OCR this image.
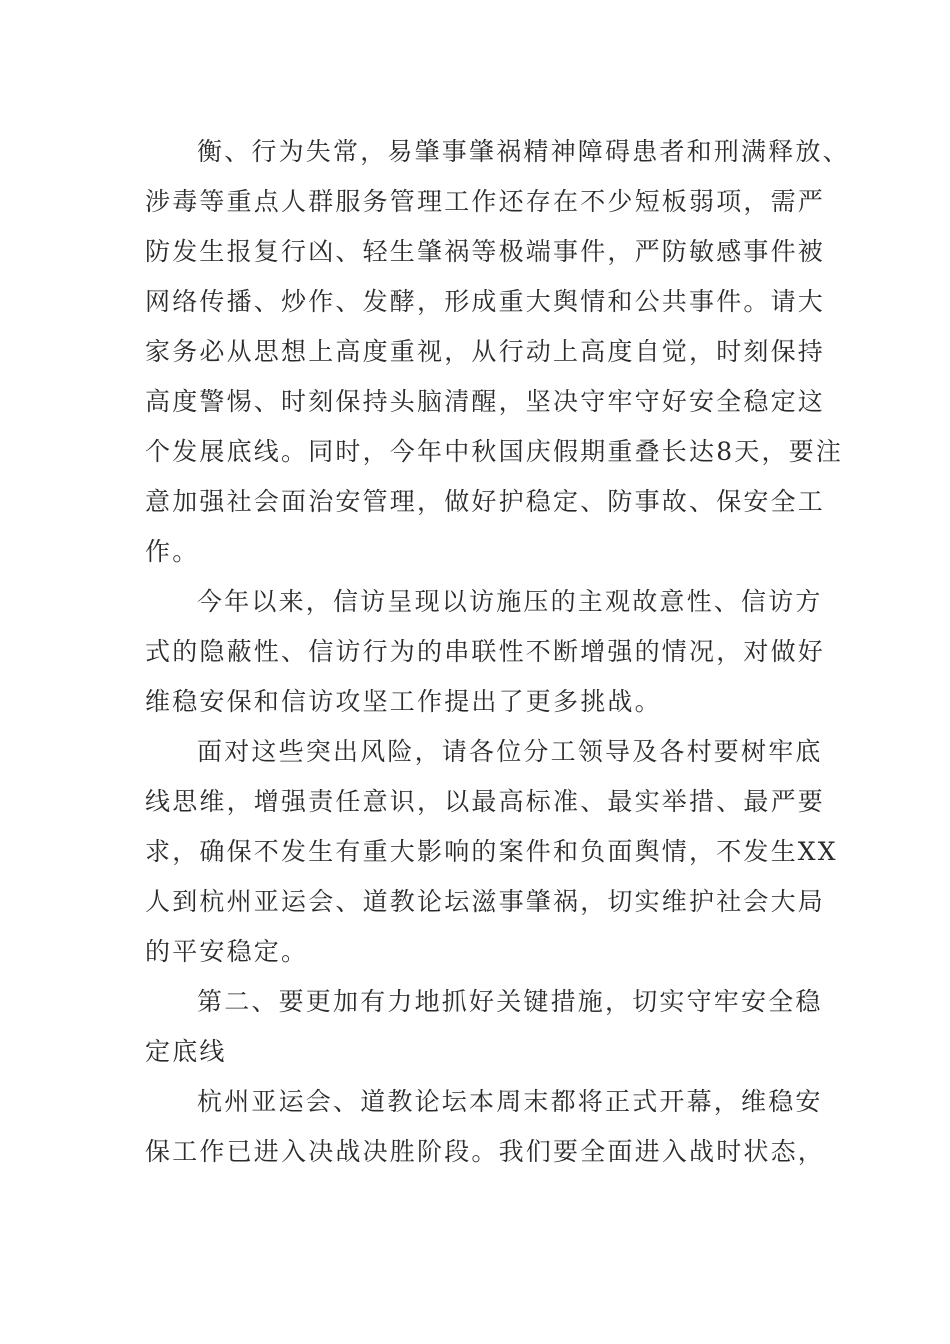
衡、行为失常，易肇事肇祸精神障碍患者和刑满释放、
涉毒等重点人群服务管理工作还存在不少短板弱项，需严
防发生报复行凶、轻生肇祸等极端事件，严防敏感事件被
网络传播、炒作、发酵，形成重大舆情和公共事件。请大
家务必从思想上高度重视，从行动上高度自觉，时刻保持
高度警惕、时刻保持头脑清醒，坚决守牢守好安全稳定这
个发展底线。同时，今年中秋国庆假期重叠长达8天，要注
意加强社会面治安管理，做好护稳定、防事故、保安全工
作。
今年以来，信访呈现以访施压的主观故意性、信访方
式的隐蔽性、信访行为的串联性不断增强的情况，对做好
维稳安保和信访攻坚工作提出了更多挑战。
面对这些突出风险，请各位分工领导及各村要树牢底
线思维，增强责任意识，以最高标准、最实举措、最严要
求，确保不发生有重大影响的案件和负面舆情，不发生XX
人到杭州亚运会、道教论坛滋事肇祸，切实维护社会大局
的平安稳定。
第二、要更加有力地抓好关键措施，切实守牢安全稳
定底线
杭州亚运会、道教论坛本周末都将正式开幕，维稳安
保工作已进入决战决胜阶段。我们要全面进入战时状态，
